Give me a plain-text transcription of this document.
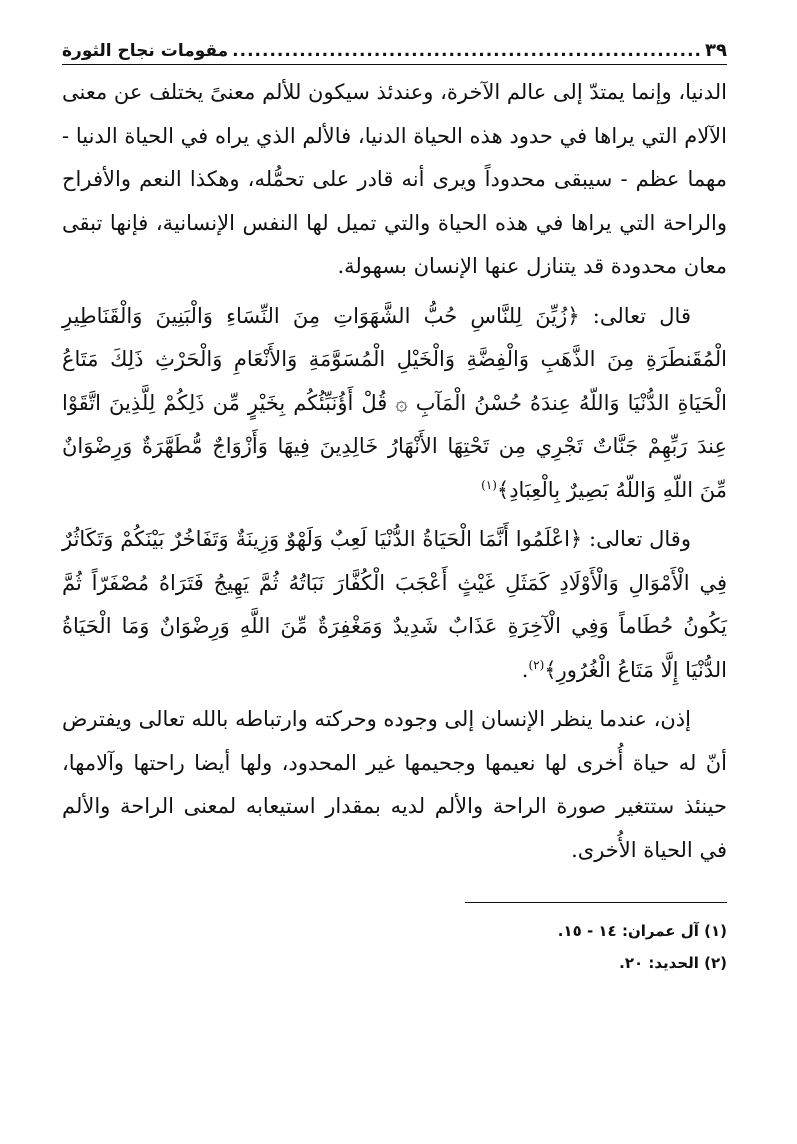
٣٩
.....
مقومات نجاح الثورة

الدنيا، وإنما يمتدّ إلى عالم الآخرة، وعندئذ سيكون للألم معنىً يختلف عن معنى الآلام التي يراها في حدود هذه الحياة الدنيا، فالألم الذي يراه في الحياة الدنيا - مهما عظم - سيبقى محدوداً ويرى أنه قادر على تحمُّله، وهكذا النعم والأفراح والراحة التي يراها في هذه الحياة والتي تميل لها النفس الإنسانية، فإنها تبقى معان محدودة قد يتنازل عنها الإنسان بسهولة.

قال تعالى: ﴿زُيِّنَ لِلنَّاسِ حُبُّ الشَّهَوَاتِ مِنَ النِّسَاءِ وَالْبَنِينَ وَالْقَنَاطِيرِ الْمُقَنطَرَةِ مِنَ الذَّهَبِ وَالْفِضَّةِ وَالْخَيْلِ الْمُسَوَّمَةِ وَالأَنْعَامِ وَالْحَرْثِ ذَلِكَ مَتَاعُ الْحَيَاةِ الدُّنْيَا وَاللّهُ عِندَهُ حُسْنُ الْمَآبِ ۞ قُلْ أَؤُنَبِّئُكُم بِخَيْرٍ مِّن ذَلِكُمْ لِلَّذِينَ اتَّقَوْا عِندَ رَبِّهِمْ جَنَّاتٌ تَجْرِي مِن تَحْتِهَا الأَنْهَارُ خَالِدِينَ فِيهَا وَأَزْوَاجٌ مُّطَهَّرَةٌ وَرِضْوَانٌ مِّنَ اللّهِ وَاللّهُ بَصِيرٌ بِالْعِبَادِ﴾$^{(١)}$

وقال تعالى: ﴿اعْلَمُوا أَنَّمَا الْحَيَاةُ الدُّنْيَا لَعِبٌ وَلَهْوٌ وَزِينَةٌ وَتَفَاخُرٌ بَيْنَكُمْ وَتَكَاثُرٌ فِي الْأَمْوَالِ وَالْأَوْلَادِ كَمَثَلِ غَيْثٍ أَعْجَبَ الْكُفَّارَ نَبَاتُهُ ثُمَّ يَهِيجُ فَتَرَاهُ مُصْفَرّاً ثُمَّ يَكُونُ حُطَاماً وَفِي الْآخِرَةِ عَذَابٌ شَدِيدٌ وَمَغْفِرَةٌ مِّنَ اللَّهِ وَرِضْوَانٌ وَمَا الْحَيَاةُ الدُّنْيَا إِلَّا مَتَاعُ الْغُرُورِ﴾$^{(٢)}$.

إذن، عندما ينظر الإنسان إلى وجوده وحركته وارتباطه بالله تعالى ويفترض أنّ له حياة أُخرى لها نعيمها وجحيمها غير المحدود، ولها أيضا راحتها وآلامها، حينئذ ستتغير صورة الراحة والألم لديه بمقدار استيعابه لمعنى الراحة والألم في الحياة الأُخرى.

(١) آل عمران: ١٤ - ١٥.

(٢) الحديد: ٢٠.
